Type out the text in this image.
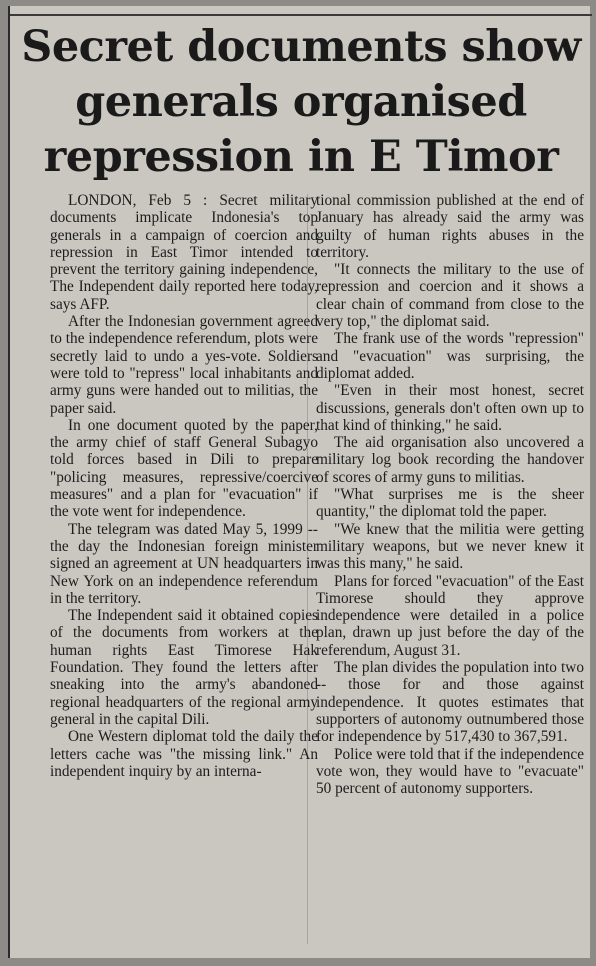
Secret documents show
generals organised
repression in E Timor

LONDON, Feb 5 : Secret military documents implicate Indonesia's top generals in a campaign of coercion and repression in East Timor intended to prevent the territory gaining independence, The Independent daily reported here today, says AFP.

After the Indonesian government agreed to the independence referendum, plots were secretly laid to undo a yes-vote. Soldiers were told to "repress" local inhabitants and army guns were handed out to militias, the paper said.

In one document quoted by the paper, the army chief of staff General Subagyo told forces based in Dili to prepare "policing measures, repressive/coercive measures" and a plan for "evacuation" if the vote went for independence.

The telegram was dated May 5, 1999 -- the day the Indonesian foreign minister signed an agreement at UN headquarters in New York on an independence referendum in the territory.

The Independent said it obtained copies of the documents from workers at the human rights East Timorese Hak Foundation. They found the letters after sneaking into the army's abandoned regional headquarters of the regional army general in the capital Dili.

One Western diplomat told the daily the letters cache was "the missing link." An independent inquiry by an interna-

tional commission published at the end of January has already said the army was guilty of human rights abuses in the territory.

"It connects the military to the use of repression and coercion and it shows a clear chain of command from close to the very top," the diplomat said.

The frank use of the words "repression" and "evacuation" was surprising, the diplomat added.

"Even in their most honest, secret discussions, generals don't often own up to that kind of thinking," he said.

The aid organisation also uncovered a military log book recording the handover of scores of army guns to militias.

"What surprises me is the sheer quantity," the diplomat told the paper.

"We knew that the militia were getting military weapons, but we never knew it was this many," he said.

Plans for forced "evacuation" of the East Timorese should they approve independence were detailed in a police plan, drawn up just before the day of the referendum, August 31.

The plan divides the population into two -- those for and those against independence. It quotes estimates that supporters of autonomy outnumbered those for independence by 517,430 to 367,591.

Police were told that if the independence vote won, they would have to "evacuate" 50 percent of autonomy supporters.
